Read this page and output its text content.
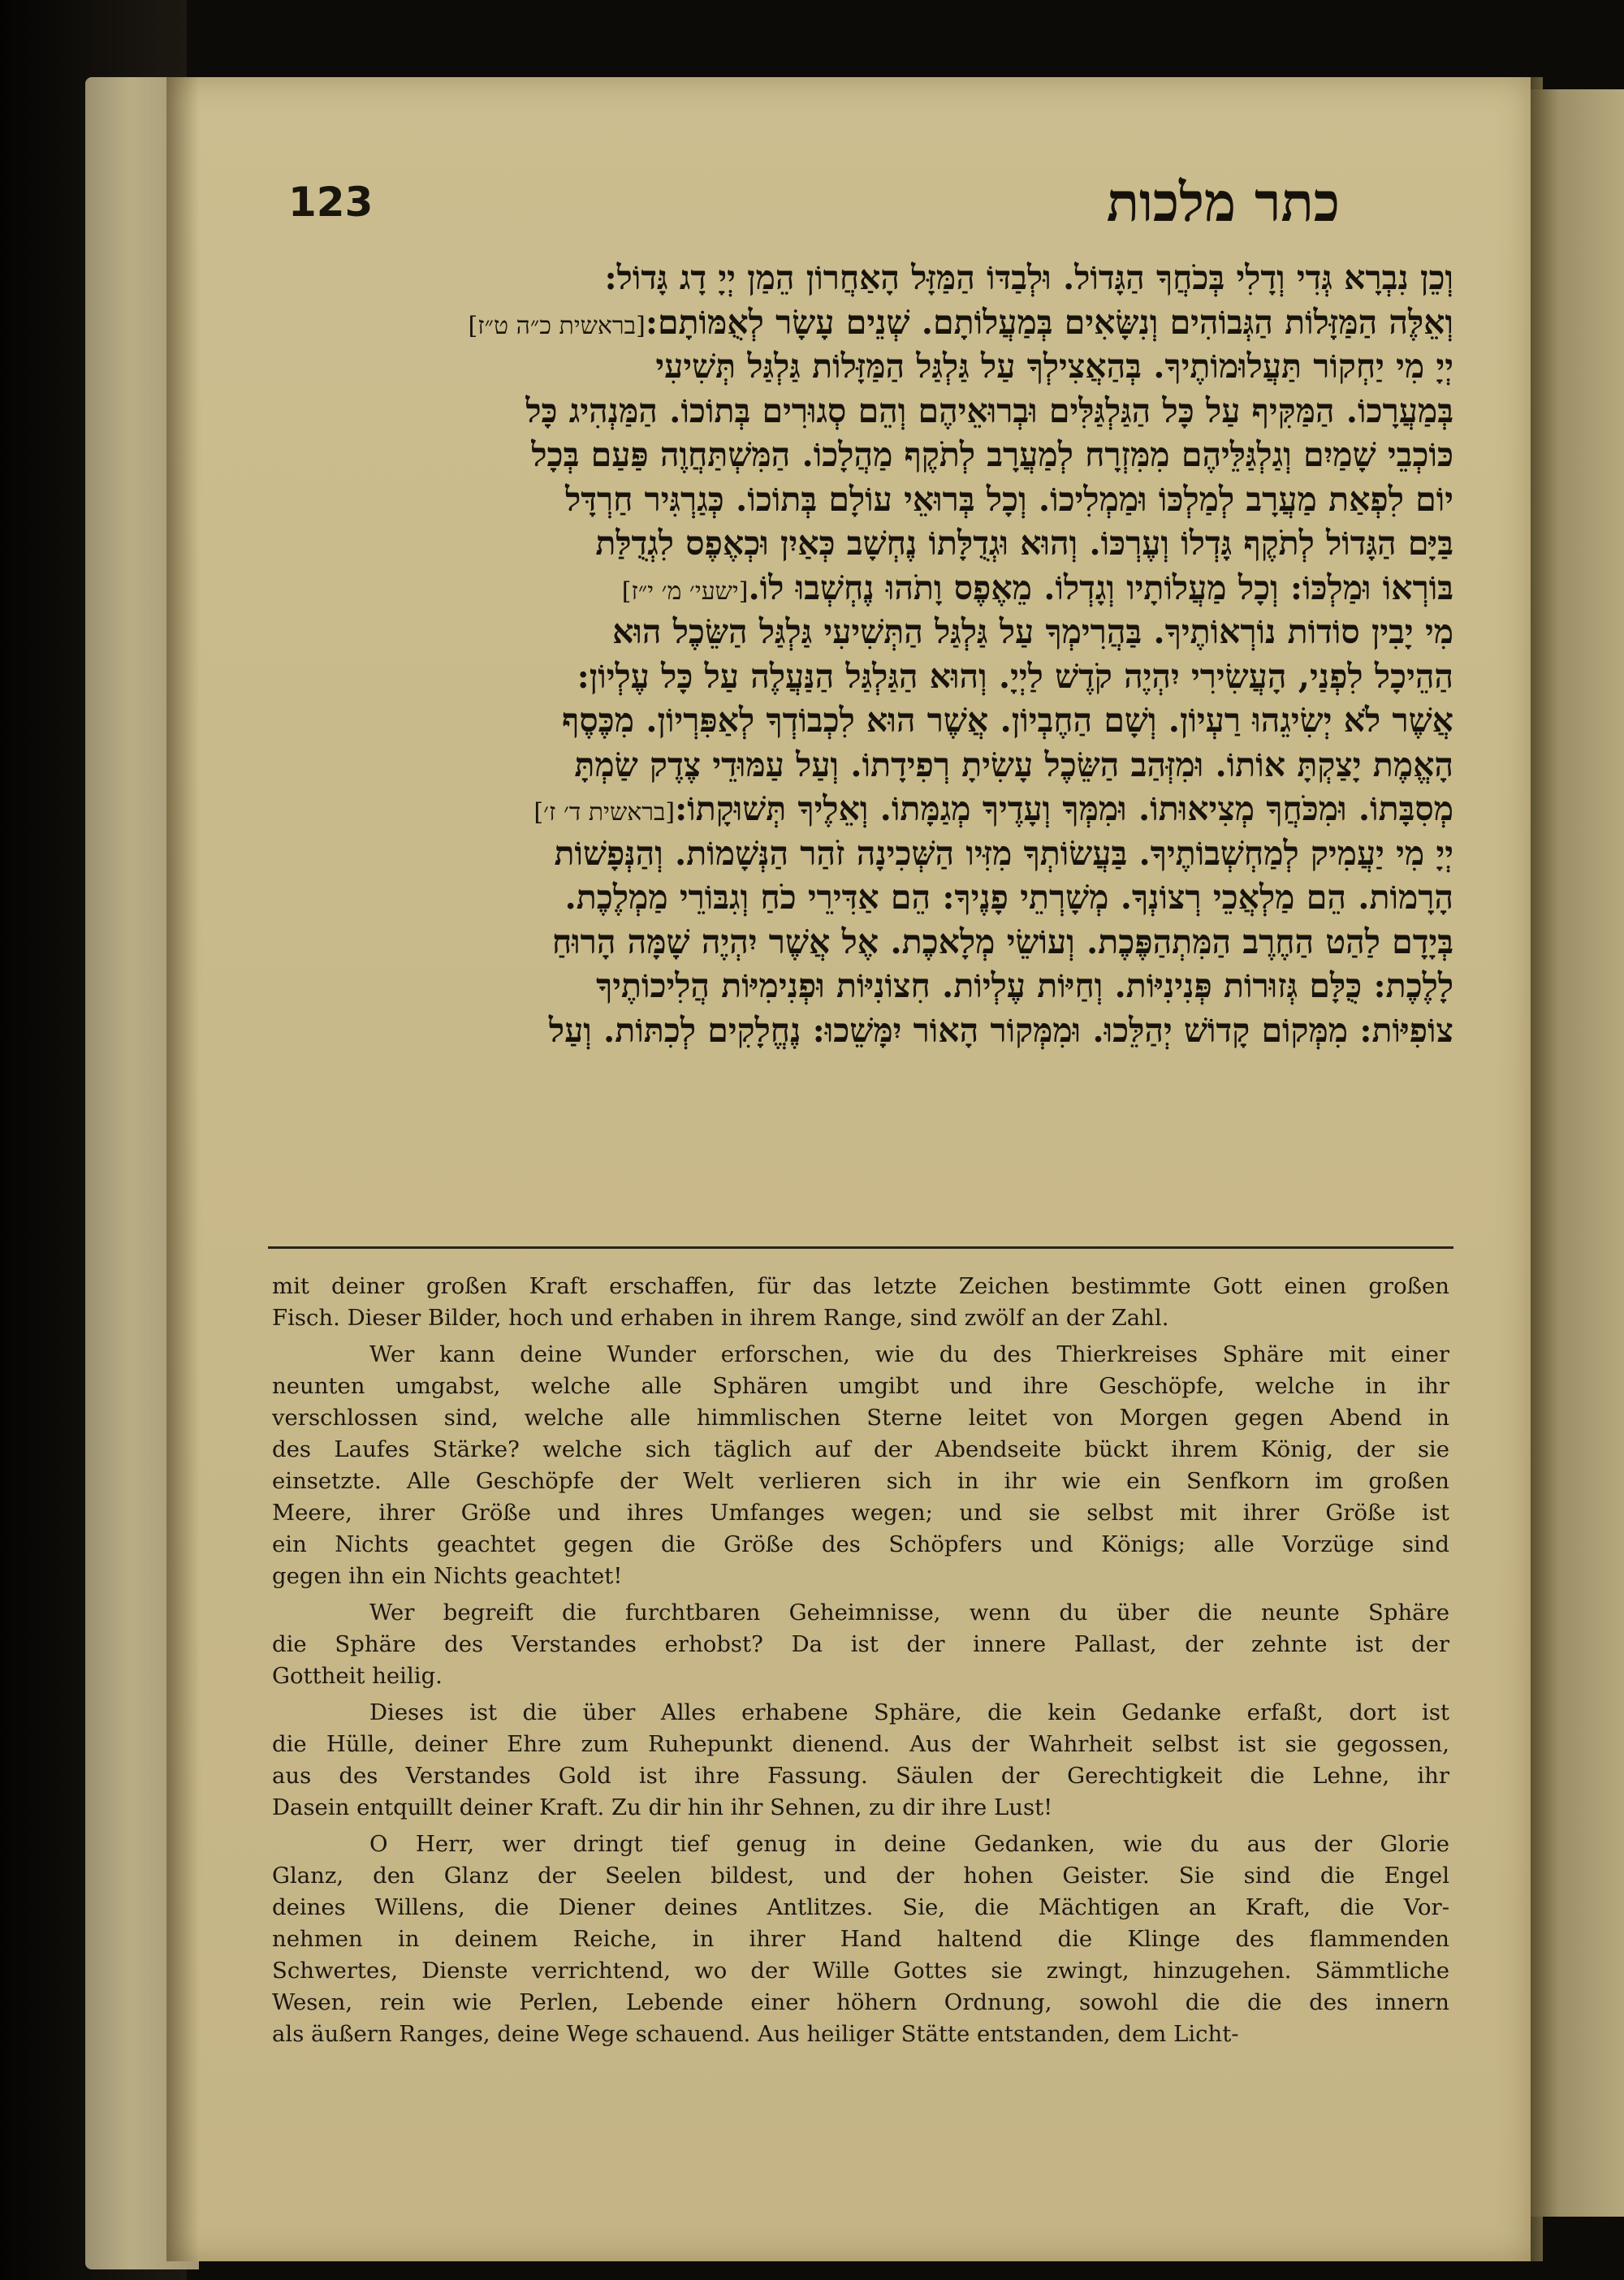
123	כתר מלכות
וְכֵן נִבְרָא גְּדִי וְדָלִי בְּכֹחֲךָ הַגָּדוֹל. וּלְבַדּוֹ הַמַּזָּל הָאַחֲרוֹן הֵמַן יְיָ דָג גָּדוֹל:
וְאֵלֶּה הַמַּזָּלוֹת הַגְּבוֹהִים וְנִשָּׂאִים בְּמַעֲלוֹתָם. שְׁנֵים עָשָׂר לְאֻמּוֹתָם:[בראשית כ״ה ט״ז]
יְיָ מִי יַחְקוֹר תַּעֲלוּמוֹתֶיךָ. בְּהַאֲצִילְךָ עַל גַּלְגַּל הַמַּזָּלוֹת גַּלְגַּל תְּשִׁיעִי
בְּמַעֲרָכוֹ. הַמַּקִּיף עַל כָּל הַגַּלְגַּלִּים וּבְרוּאֵיהֶם וְהֵם סְגוּרִים בְּתוֹכוֹ. הַמַּנְהִיג כָּל
כּוֹכְבֵי שָׁמַיִם וְגַלְגַּלֵּיהֶם מִמִּזְרָח לְמַעֲרָב לְתֹקֶף מַהֲלָכוֹ. הַמִּשְׁתַּחֲוֶה פַּעַם בְּכָל
יוֹם לִפְאַת מַעֲרָב לְמַלְכּוֹ וּמַמְלִיכוֹ. וְכָל בְּרוּאֵי עוֹלָם בְּתוֹכוֹ. כְּגַרְגִּיר חַרְדָּל
בַּיָּם הַגָּדוֹל לְתֹקֶף גָּדְלוֹ וְעֶרְכּוֹ. וְהוּא וּגְדֻלָּתוֹ נֶחְשָׁב כְּאַיִן וּכְאֶפֶס לִגְדֻלַּת
בּוֹרְאוֹ וּמַלְכּוֹ: וְכָל מַעֲלוֹתָיו וְגָדְלוֹ. מֵאֶפֶס וָתֹהוּ נֶחְשְׁבוּ לוֹ.[ישעי׳ מ׳ י״ז]
מִי יָבִין סוֹדוֹת נוֹרְאוֹתֶיךָ. בַּהֲרִימְךָ עַל גַּלְגַּל הַתְּשִׁיעִי גַּלְגַּל הַשֵּׂכֶל הוּא
הַהֵיכָל לִפְנַי, הָעֲשִׂירִי יִהְיֶה קֹדֶשׁ לַיְיָ. וְהוּא הַגַּלְגַּל הַנַּעֲלֶה עַל כָּל עֶלְיוֹן:
אֲשֶׁר לֹא יְשִׂיגֵהוּ רַעְיוֹן. וְשָׁם הַחֶבְיוֹן. אֲשֶׁר הוּא לִכְבוֹדְךָ לְאַפִּרְיוֹן. מִכֶּסֶף
הָאֱמֶת יָצַקְתָּ אוֹתוֹ. וּמִזְּהַב הַשֵּׂכֶל עָשִׂיתָ רְפִידָתוֹ. וְעַל עַמּוּדֵי צֶדֶק שַׂמְתָּ
מְסִבָּתוֹ. וּמִכֹּחֲךָ מְצִיאוּתוֹ. וּמִמְּךָ וְעָדֶיךָ מְגַמָּתוֹ. וְאֵלֶיךָ תְּשׁוּקָתוֹ:[בראשית ד׳ ז׳]
יְיָ מִי יַעֲמִיק לְמַחְשְׁבוֹתֶיךָ. בַּעֲשׂוֹתְךָ מִזִּיו הַשְּׁכִינָה זֹהַר הַנְּשָׁמוֹת. וְהַנְּפָשׁוֹת
הָרָמוֹת. הֵם מַלְאֲכֵי רְצוֹנְךָ. מְשָׁרְתֵי פָנֶיךָ: הֵם אַדִּירֵי כֹחַ וְגִבּוֹרֵי מַמְלֶכֶת.
בְּיָדָם לַהַט הַחֶרֶב הַמִּתְהַפֶּכֶת. וְעוֹשֵׂי מְלָאכֶת. אֶל אֲשֶׁר יִהְיֶה שָׁמָּה הָרוּחַ
לָלֶכֶת: כֻּלָּם גְּזוּרוֹת פְּנִינִיּוֹת. וְחַיּוֹת עֶלְיוֹת. חִצוֹנִיּוֹת וּפְנִימִיּוֹת הֲלִיכוֹתֶיךָ
צוֹפִיּוֹת: מִמְּקוֹם קָדוֹשׁ יְהַלֵּכוּ. וּמִמְּקוֹר הָאוֹר יִמָּשֵׁכוּ: נֶחֱלָקִים לְכִתּוֹת. וְעַל
mit deiner großen Kraft erschaffen, für das letzte Zeichen bestimmte Gott einen großen
Fisch. Dieser Bilder, hoch und erhaben in ihrem Range, sind zwölf an der Zahl.
Wer kann deine Wunder erforschen, wie du des Thierkreises Sphäre mit einer
neunten umgabst, welche alle Sphären umgibt und ihre Geschöpfe, welche in ihr
verschlossen sind, welche alle himmlischen Sterne leitet von Morgen gegen Abend in
des Laufes Stärke? welche sich täglich auf der Abendseite bückt ihrem König, der sie
einsetzte. Alle Geschöpfe der Welt verlieren sich in ihr wie ein Senfkorn im großen
Meere, ihrer Größe und ihres Umfanges wegen; und sie selbst mit ihrer Größe ist
ein Nichts geachtet gegen die Größe des Schöpfers und Königs; alle Vorzüge sind
gegen ihn ein Nichts geachtet!
Wer begreift die furchtbaren Geheimnisse, wenn du über die neunte Sphäre
die Sphäre des Verstandes erhobst? Da ist der innere Pallast, der zehnte ist der
Gottheit heilig.
Dieses ist die über Alles erhabene Sphäre, die kein Gedanke erfaßt, dort ist
die Hülle, deiner Ehre zum Ruhepunkt dienend. Aus der Wahrheit selbst ist sie gegossen,
aus des Verstandes Gold ist ihre Fassung. Säulen der Gerechtigkeit die Lehne, ihr
Dasein entquillt deiner Kraft. Zu dir hin ihr Sehnen, zu dir ihre Lust!
O Herr, wer dringt tief genug in deine Gedanken, wie du aus der Glorie
Glanz, den Glanz der Seelen bildest, und der hohen Geister. Sie sind die Engel
deines Willens, die Diener deines Antlitzes. Sie, die Mächtigen an Kraft, die Vor-
nehmen in deinem Reiche, in ihrer Hand haltend die Klinge des flammenden
Schwertes, Dienste verrichtend, wo der Wille Gottes sie zwingt, hinzugehen. Sämmtliche
Wesen, rein wie Perlen, Lebende einer höhern Ordnung, sowohl die die des innern
als äußern Ranges, deine Wege schauend. Aus heiliger Stätte entstanden, dem Licht-
